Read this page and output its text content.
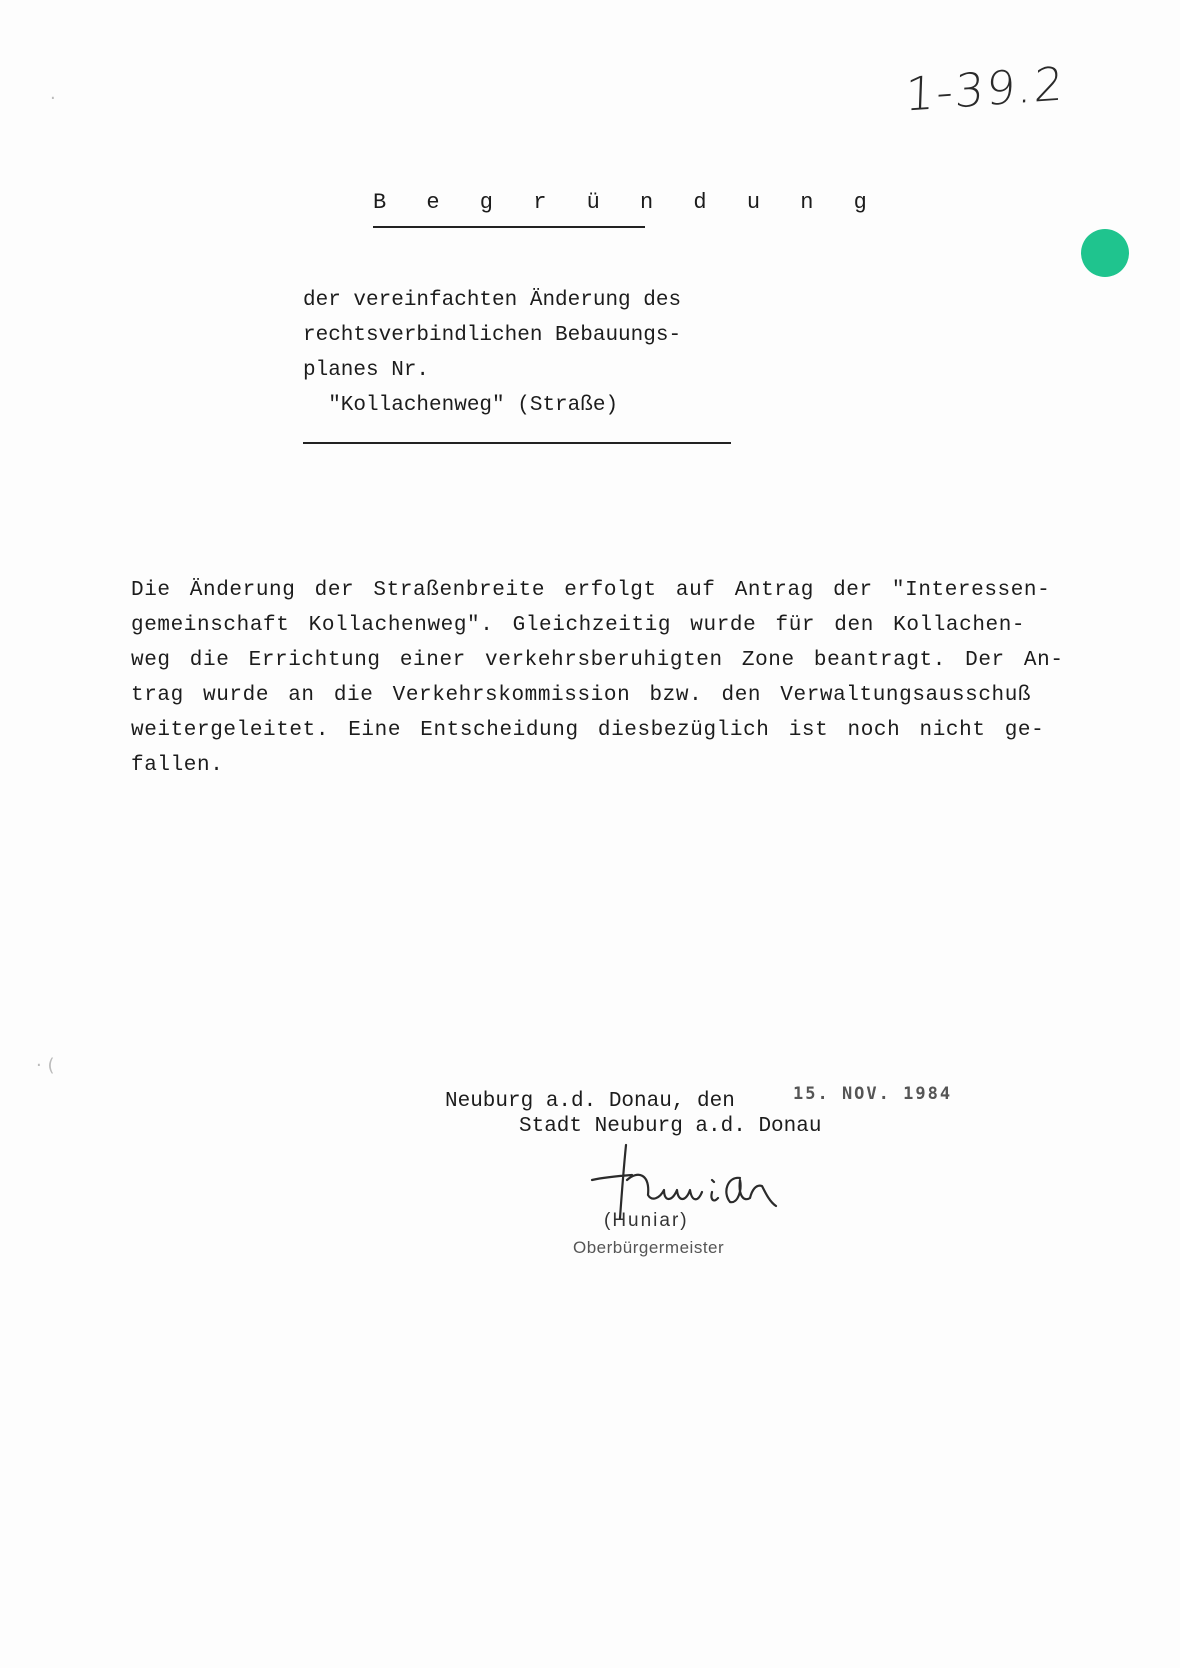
1-39.2
·
· (
B e g r ü n d u n g
der vereinfachten Änderung des
rechtsverbindlichen Bebauungs-
planes Nr.
"Kollachenweg" (Straße)
Die Änderung der Straßenbreite erfolgt auf Antrag der "Interessen-
gemeinschaft Kollachenweg". Gleichzeitig wurde für den Kollachen-
weg die Errichtung einer verkehrsberuhigten Zone beantragt. Der An-
trag wurde an die Verkehrskommission bzw. den Verwaltungsausschuß
weitergeleitet. Eine Entscheidung diesbezüglich ist noch nicht ge-
fallen.
Neuburg a.d. Donau, den	15. NOV. 1984
Stadt Neuburg a.d. Donau
(Huniar)
Oberbürgermeister
